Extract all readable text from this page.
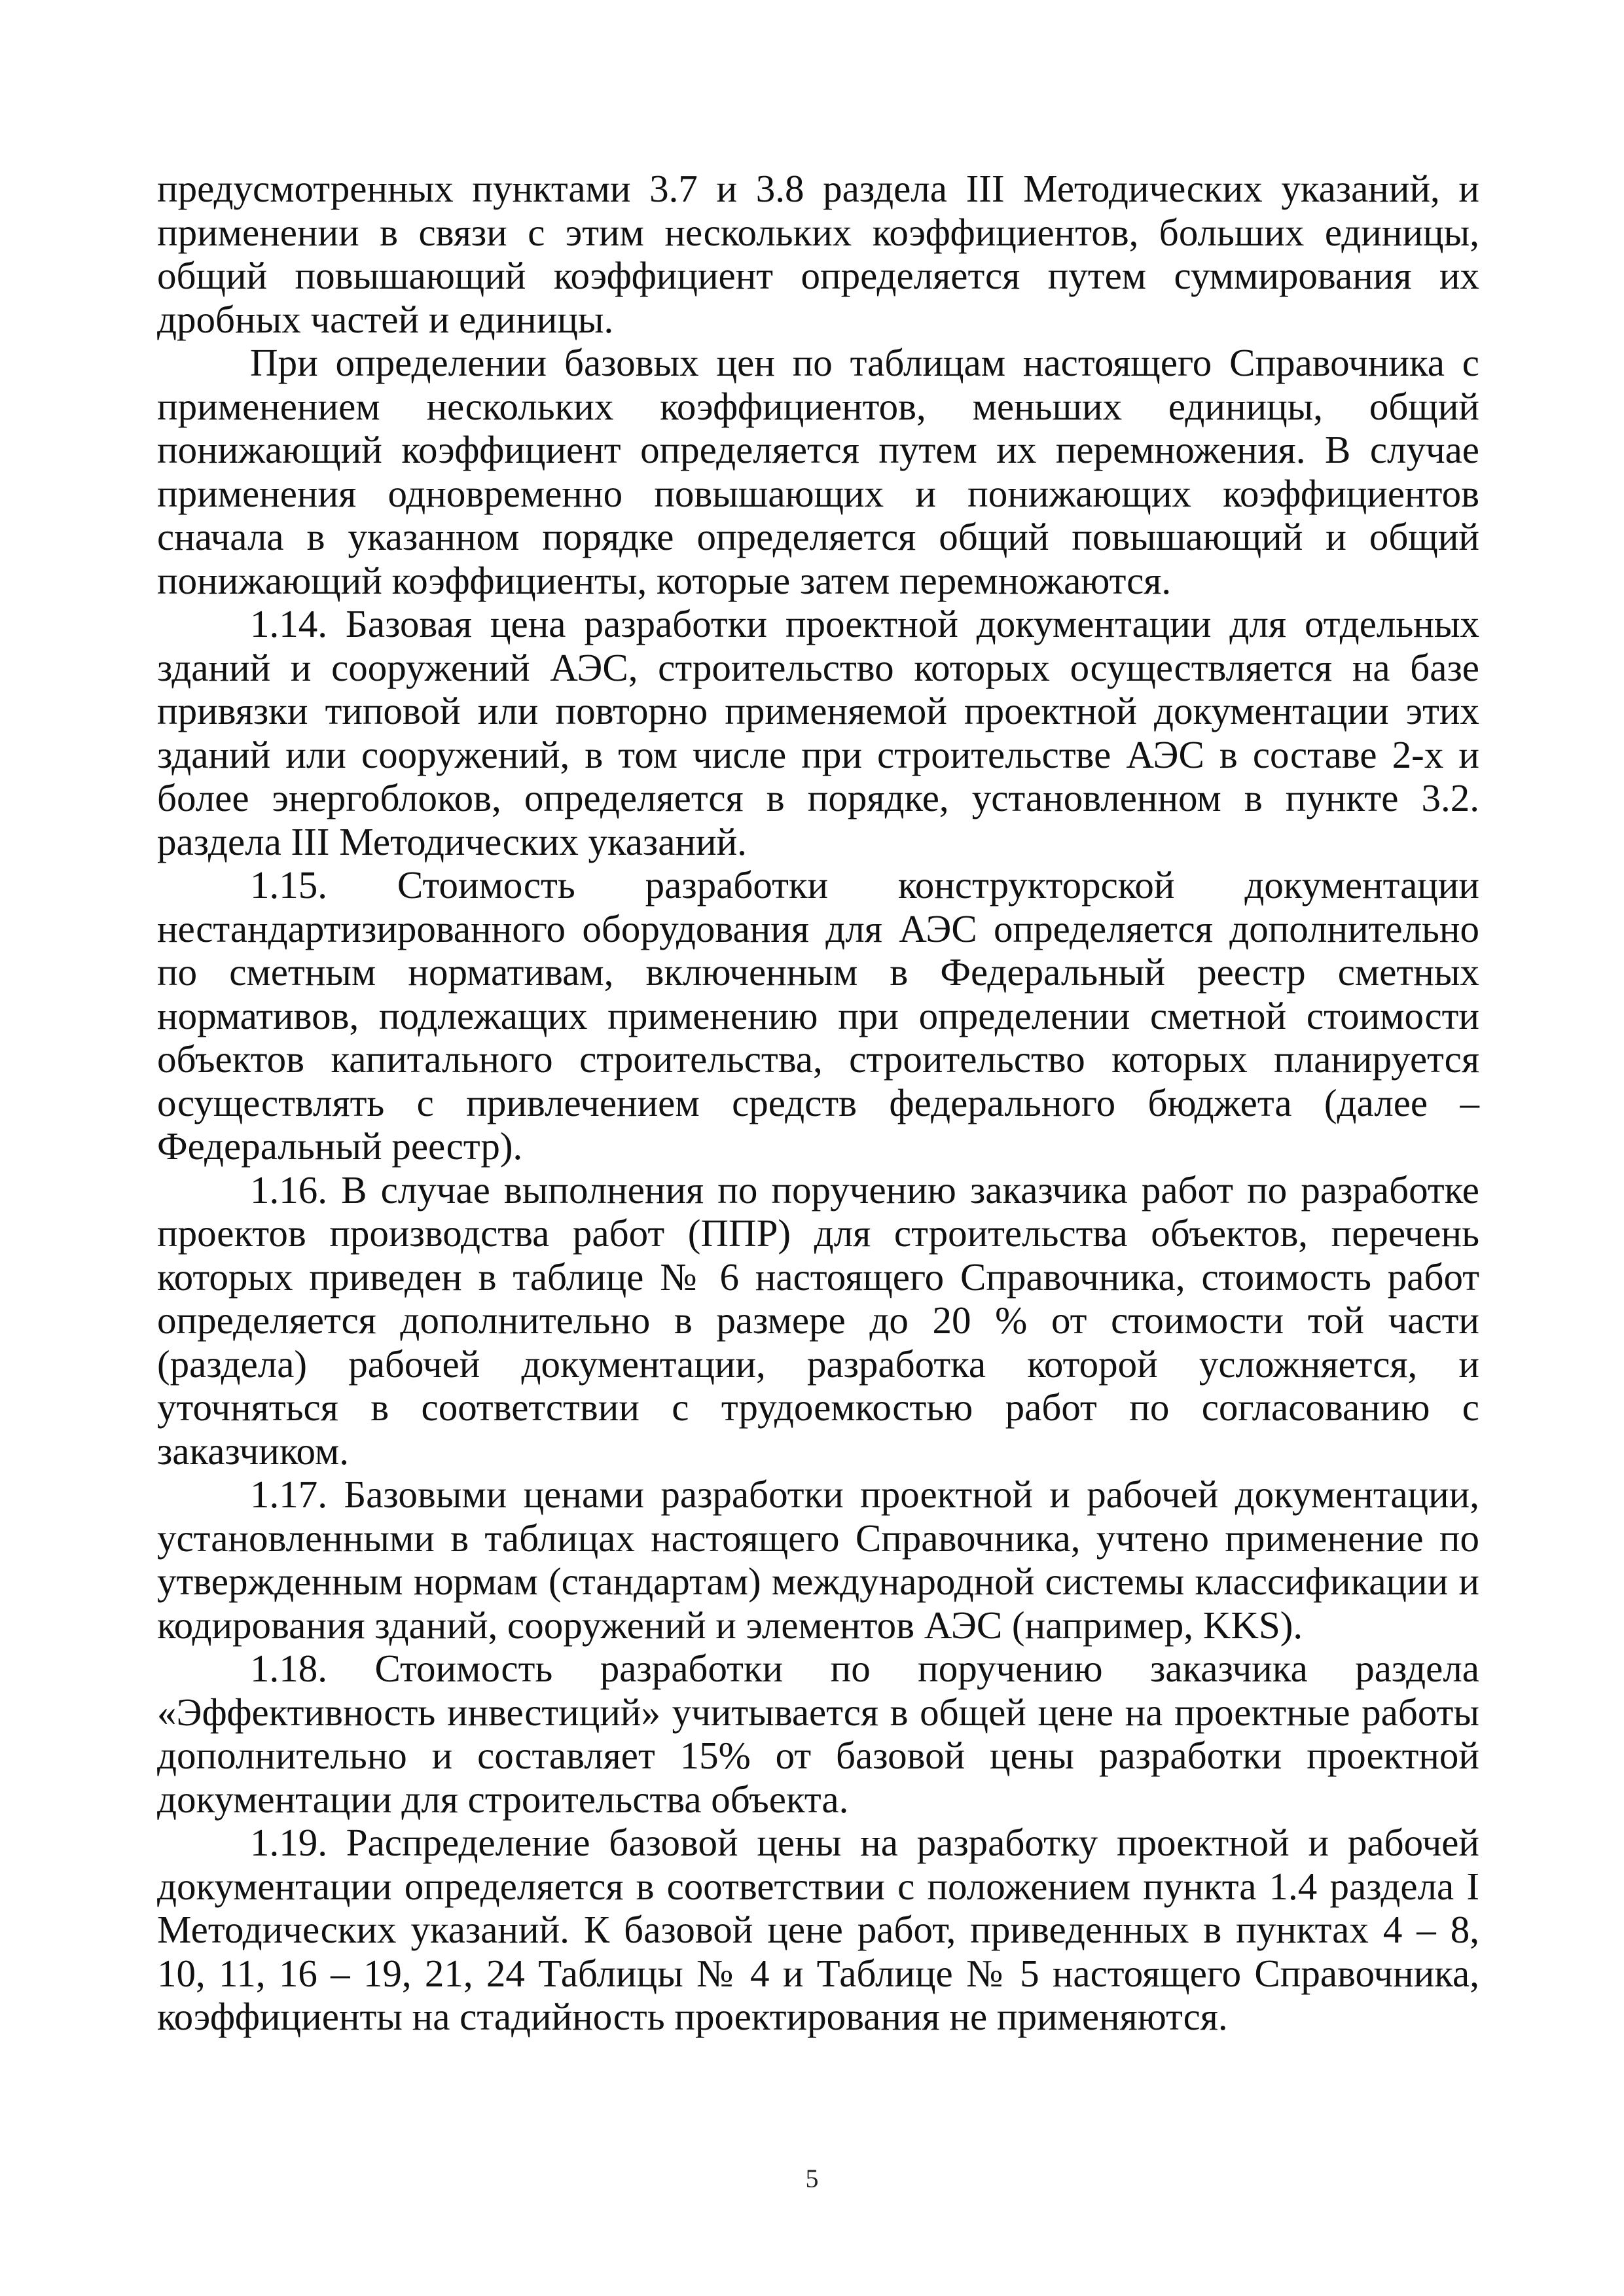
предусмотренных пунктами 3.7 и 3.8 раздела III Методических указаний, и применении в связи с этим нескольких коэффициентов, больших единицы, общий повышающий коэффициент определяется путем суммирования их дробных частей и единицы.

При определении базовых цен по таблицам настоящего Справочника с применением нескольких коэффициентов, меньших единицы, общий понижающий коэффициент определяется путем их перемножения. В случае применения одновременно повышающих и понижающих коэффициентов сначала в указанном порядке определяется общий повышающий и общий понижающий коэффициенты, которые затем перемножаются.

1.14. Базовая цена разработки проектной документации для отдельных зданий и сооружений АЭС, строительство которых осуществляется на базе привязки типовой или повторно применяемой проектной документации этих зданий или сооружений, в том числе при строительстве АЭС в составе 2-х и более энергоблоков, определяется в порядке, установленном в пункте 3.2. раздела III Методических указаний.

1.15. Стоимость разработки конструкторской документации нестандартизированного оборудования для АЭС определяется дополнительно по сметным нормативам, включенным в Федеральный реестр сметных нормативов, подлежащих применению при определении сметной стоимости объектов капитального строительства, строительство которых планируется осуществлять с привлечением средств федерального бюджета (далее – Федеральный реестр).

1.16. В случае выполнения по поручению заказчика работ по разработке проектов производства работ (ППР) для строительства объектов, перечень которых приведен в таблице № 6 настоящего Справочника, стоимость работ определяется дополнительно в размере до 20 % от стоимости той части (раздела) рабочей документации, разработка которой усложняется, и уточняться в соответствии с трудоемкостью работ по согласованию с заказчиком.

1.17. Базовыми ценами разработки проектной и рабочей документации, установленными в таблицах настоящего Справочника, учтено применение по утвержденным нормам (стандартам) международной системы классификации и кодирования зданий, сооружений и элементов АЭС (например, KKS).

1.18. Стоимость разработки по поручению заказчика раздела «Эффективность инвестиций» учитывается в общей цене на проектные работы дополнительно и составляет 15% от базовой цены разработки проектной документации для строительства объекта.

1.19. Распределение базовой цены на разработку проектной и рабочей документации определяется в соответствии с положением пункта 1.4 раздела I Методических указаний. К базовой цене работ, приведенных в пунктах 4 – 8, 10, 11, 16 – 19, 21, 24 Таблицы № 4 и Таблице № 5 настоящего Справочника, коэффициенты на стадийность проектирования не применяются.

5
